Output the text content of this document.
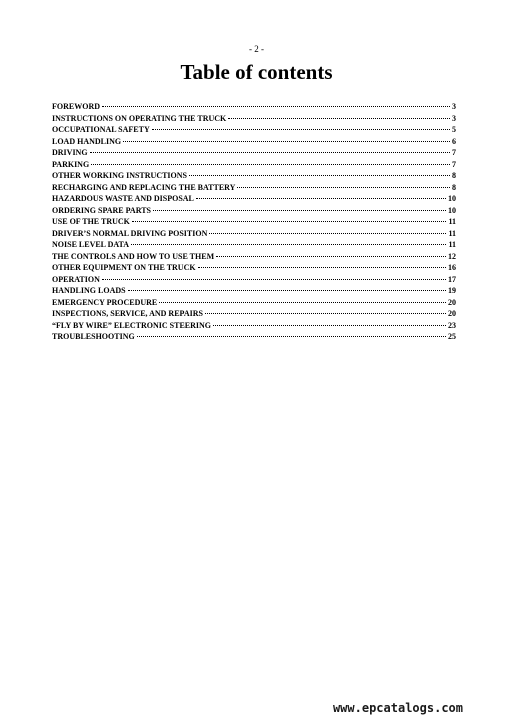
- 2 -
Table of contents
FOREWORD	3
INSTRUCTIONS ON OPERATING THE TRUCK	3
OCCUPATIONAL SAFETY	5
LOAD HANDLING	6
DRIVING	7
PARKING	7
OTHER WORKING INSTRUCTIONS	8
RECHARGING AND REPLACING THE BATTERY	8
HAZARDOUS WASTE AND DISPOSAL	10
ORDERING SPARE PARTS	10
USE OF THE TRUCK	11
DRIVER’S NORMAL DRIVING POSITION	11
NOISE LEVEL DATA	11
THE CONTROLS AND HOW TO USE THEM	12
OTHER EQUIPMENT ON THE TRUCK	16
OPERATION	17
HANDLING LOADS	19
EMERGENCY PROCEDURE	20
INSPECTIONS, SERVICE, AND REPAIRS	20
“FLY BY WIRE” ELECTRONIC STEERING	23
TROUBLESHOOTING	25
www.epcatalogs.com
